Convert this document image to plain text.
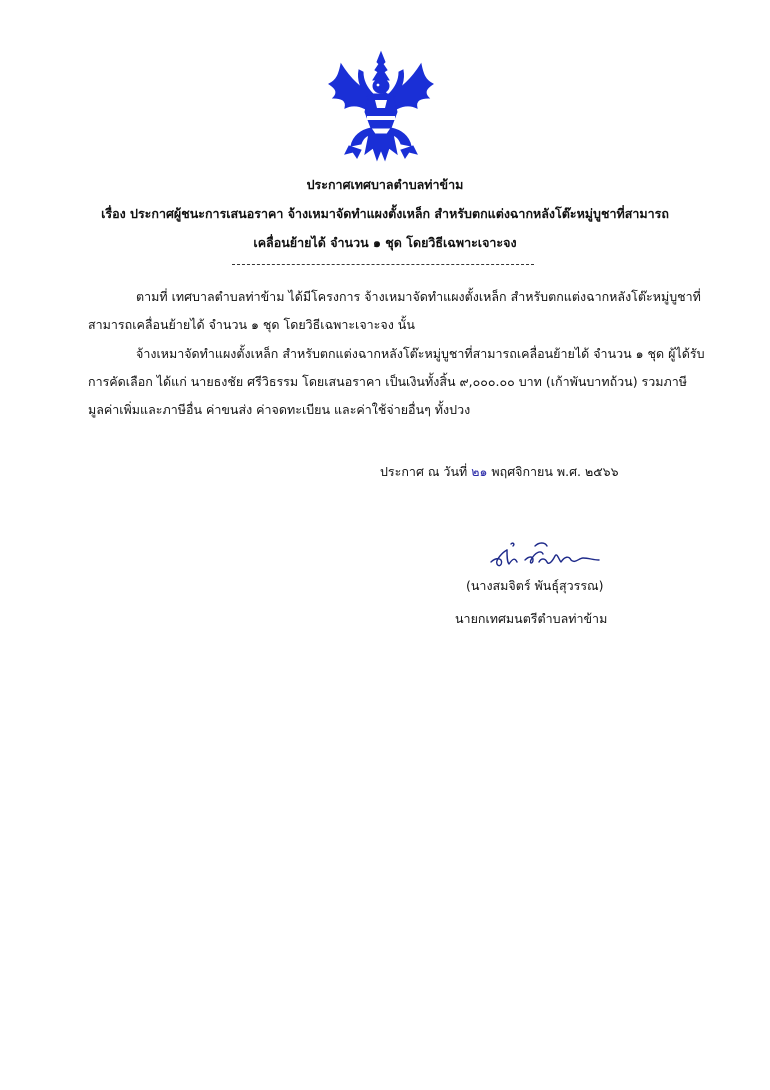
ประกาศเทศบาลตำบลท่าข้าม
เรื่อง ประกาศผู้ชนะการเสนอราคา จ้างเหมาจัดทำแผงตั้งเหล็ก สำหรับตกแต่งฉากหลังโต๊ะหมู่บูชาที่สามารถ
เคลื่อนย้ายได้ จำนวน ๑ ชุด โดยวิธีเฉพาะเจาะจง

ตามที่ เทศบาลตำบลท่าข้าม ได้มีโครงการ จ้างเหมาจัดทำแผงตั้งเหล็ก สำหรับตกแต่งฉากหลังโต๊ะหมู่บูชาที่สามารถเคลื่อนย้ายได้ จำนวน ๑ ชุด โดยวิธีเฉพาะเจาะจง นั้น

จ้างเหมาจัดทำแผงตั้งเหล็ก สำหรับตกแต่งฉากหลังโต๊ะหมู่บูชาที่สามารถเคลื่อนย้ายได้ จำนวน ๑ ชุด ผู้ได้รับการคัดเลือก ได้แก่ นายธงชัย ศรีวิธรรม โดยเสนอราคา เป็นเงินทั้งสิ้น ๙,๐๐๐.๐๐ บาท (เก้าพันบาทถ้วน) รวมภาษีมูลค่าเพิ่มและภาษีอื่น ค่าขนส่ง ค่าจดทะเบียน และค่าใช้จ่ายอื่นๆ ทั้งปวง

ประกาศ ณ วันที่ ๒๑ พฤศจิกายน พ.ศ. ๒๕๖๖
(นางสมจิตร์ พันธุ์สุวรรณ)
นายกเทศมนตรีตำบลท่าข้าม
